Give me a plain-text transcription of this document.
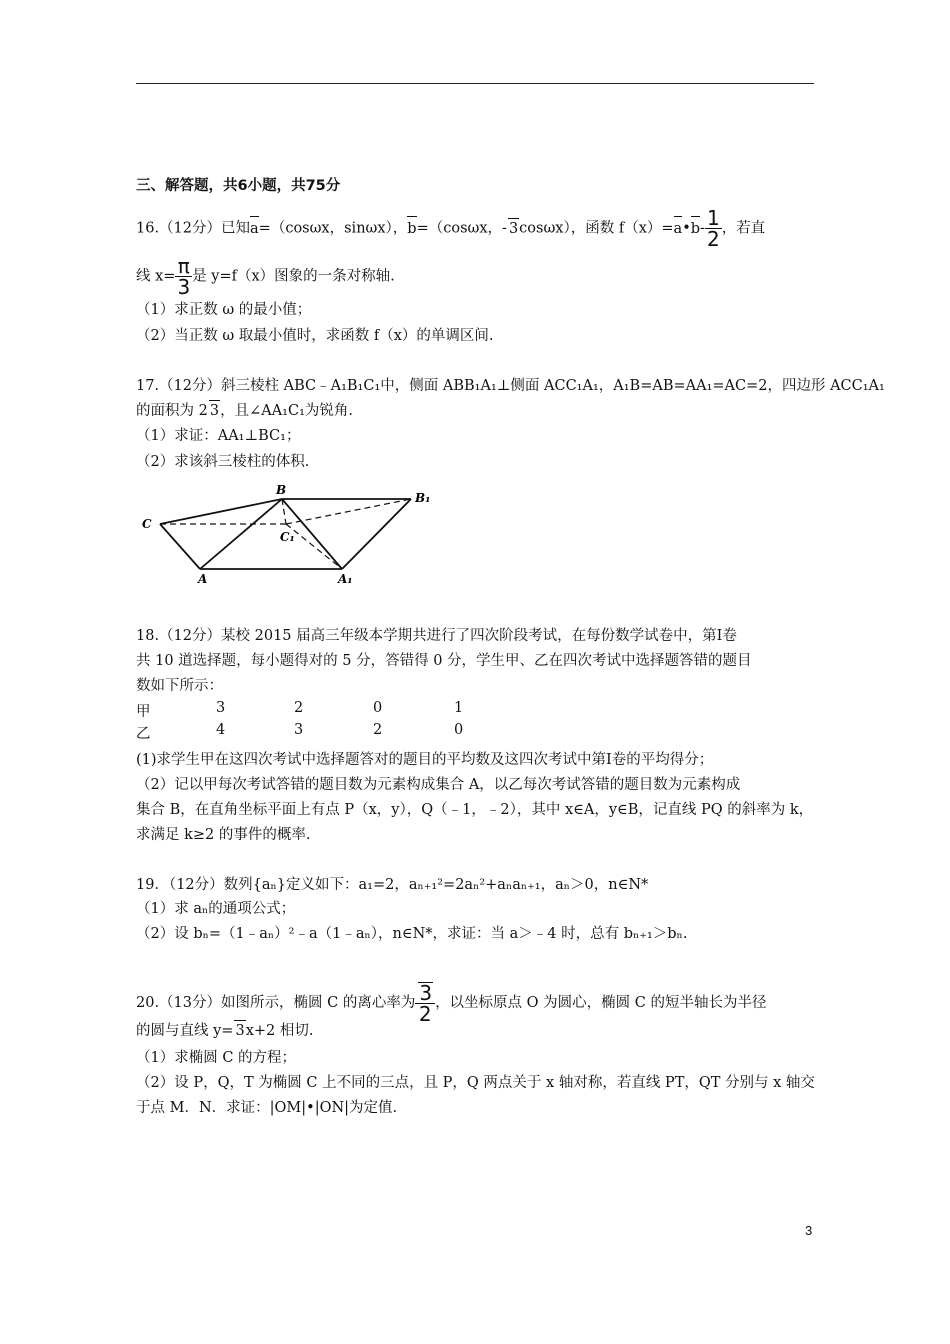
三、解答题，共6小题，共75分
16.（12分）已知a=（cosωx，sinωx），b=（cosωx，- 3cosωx），函数 f（x）=a•b- $\frac{1}{2}$ ，若直
线 $x= \frac{\pi}{3}$ 是 y=f（x）图象的一条对称轴.
（1）求正数 ω 的最小值；
（2）当正数 ω 取最小值时，求函数 f（x）的单调区间.
17.（12分）斜三棱柱 ABC﹣A₁B₁C₁中，侧面 ABB₁A₁⊥侧面 ACC₁A₁，A₁B=AB=AA₁=AC=2，四边形 ACC₁A₁
的面积为 2 3，且∠AA₁C₁为锐角.
（1）求证：AA₁⊥BC₁；
（2）求该斜三棱柱的体积.
B
B₁
C
C₁
A	A₁
18.（12分）某校 2015 届高三年级本学期共进行了四次阶段考试，在每份数学试卷中，第Ⅰ卷
共 10 道选择题，每小题得对的 5 分，答错得 0 分，学生甲、乙在四次考试中选择题答错的题目
数如下所示：
甲	3	2	0	1
乙	4	3	2	0
(1)求学生甲在这四次考试中选择题答对的题目的平均数及这四次考试中第Ⅰ卷的平均得分；
（2）记以甲每次考试答错的题目数为元素构成集合 A，以乙每次考试答错的题目数为元素构成
集合 B，在直角坐标平面上有点 P（x，y），Q（﹣1，﹣2），其中 x∈A，y∈B，记直线 PQ 的斜率为 k，
求满足 k≥2 的事件的概率.
19．（12分）数列{aₙ}定义如下：a₁=2，aₙ₊₁²=2aₙ²+aₙaₙ₊₁，aₙ＞0，n∈N*
（1）求 aₙ的通项公式；
（2）设 bₙ=（1﹣aₙ）²﹣a（1﹣aₙ），n∈N*，求证：当 a＞﹣4 时，总有 bₙ₊₁＞bₙ.
20.（13分）如图所示，椭圆 C 的离心率为 $\frac{3}{2}$ ，以坐标原点 O 为圆心，椭圆 C 的短半轴长为半径
的圆与直线 y= 3x+2 相切.
（1）求椭圆 C 的方程；
（2）设 P，Q，T 为椭圆 C 上不同的三点，且 P，Q 两点关于 x 轴对称，若直线 PT，QT 分别与 x 轴交
于点 M．N．求证：|OM|•|ON|为定值.
3
